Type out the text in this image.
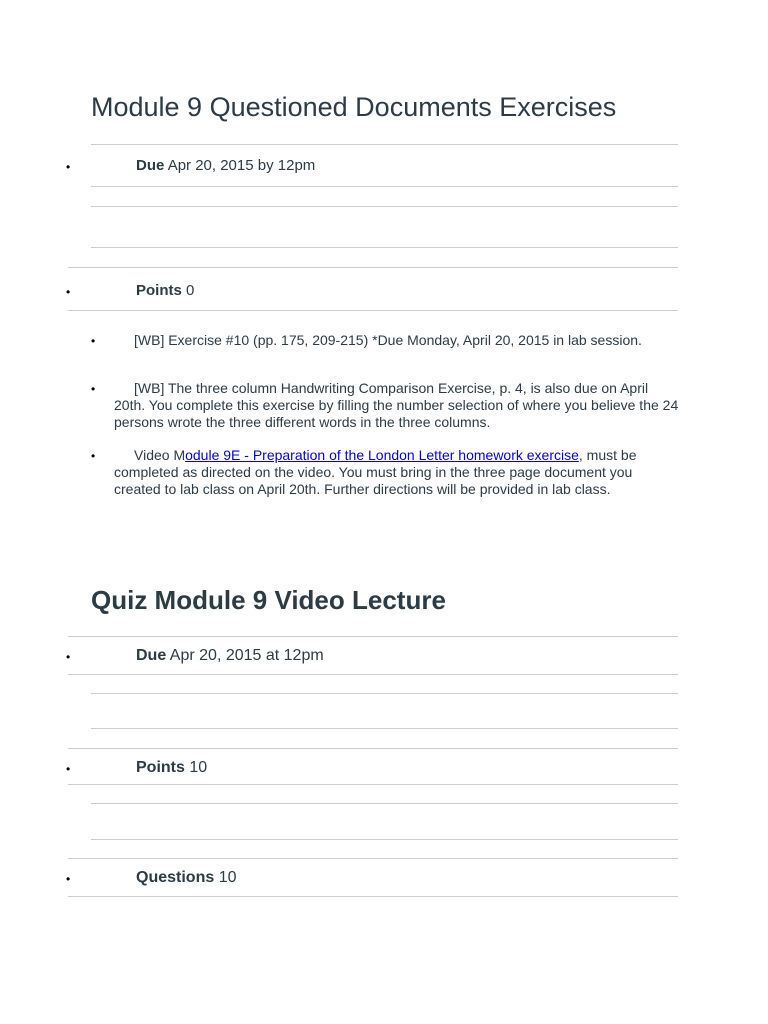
Module 9 Questioned Documents Exercises
•	Due Apr 20, 2015 by 12pm
•	Points 0
•	[WB] Exercise #10 (pp. 175, 209-215) *Due Monday, April 20, 2015 in lab session.
•	[WB] The three column Handwriting Comparison Exercise, p. 4, is also due on April 20th. You complete this exercise by filling the number selection of where you believe the 24 persons wrote the three different words in the three columns.
•	Video Module 9E - Preparation of the London Letter homework exercise, must be completed as directed on the video. You must bring in the three page document you created to lab class on April 20th. Further directions will be provided in lab class.
Quiz Module 9 Video Lecture
•	Due Apr 20, 2015 at 12pm
•	Points 10
•	Questions 10
